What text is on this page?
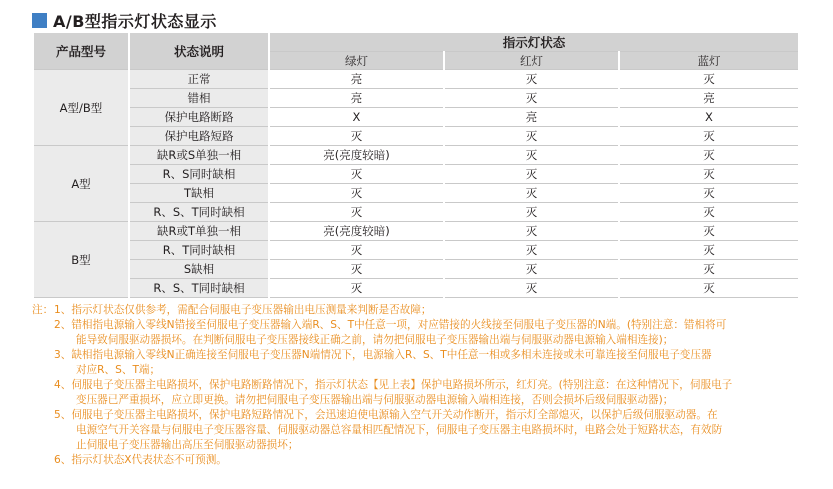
A/B型指示灯状态显示
产品型号	状态说明	指示灯状态		
		绿灯	红灯	蓝灯
A型/B型	正常	亮	灭	灭
	错相	亮	灭	亮
	保护电路断路	X	亮	X
	保护电路短路	灭	灭	灭
A型	缺R或S单独一相	亮(亮度较暗)	灭	灭
	R、S同时缺相	灭	灭	灭
	T缺相	灭	灭	灭
	R、S、T同时缺相	灭	灭	灭
B型	缺R或T单独一相	亮(亮度较暗)	灭	灭
	R、T同时缺相	灭	灭	灭
	S缺相	灭	灭	灭
	R、S、T同时缺相	灭	灭	灭
注： 1、指示灯状态仅供参考，需配合伺服电子变压器输出电压测量来判断是否故障；
2、错相指电源输入零线N错接至伺服电子变压器输入端R、S、T中任意一项，对应错接的火线接至伺服电子变压器的N端。(特别注意：错相将可
能导致伺服驱动器损坏。在判断伺服电子变压器接线正确之前，请勿把伺服电子变压器输出端与伺服驱动器电源输入端相连接)；
3、缺相指电源输入零线N正确连接至伺服电子变压器N端情况下，电源输入R、S、T中任意一相或多相未连接或未可靠连接至伺服电子变压器
对应R、S、T端；
4、伺服电子变压器主电路损坏，保护电路断路情况下，指示灯状态【见上表】保护电路损坏所示，红灯亮。(特别注意：在这种情况下，伺服电子
变压器已严重损坏，应立即更换。请勿把伺服电子变压器输出端与伺服驱动器电源输入端相连接，否则会损坏后级伺服驱动器)；
5、伺服电子变压器主电路损坏，保护电路短路情况下，会迅速迫使电源输入空气开关动作断开，指示灯全部熄灭，以保护后级伺服驱动器。在
电源空气开关容量与伺服电子变压器容量、伺服驱动器总容量相匹配情况下，伺服电子变压器主电路损坏时，电路会处于短路状态，有效防
止伺服电子变压器输出高压至伺服驱动器损坏；
6、指示灯状态X代表状态不可预测。
